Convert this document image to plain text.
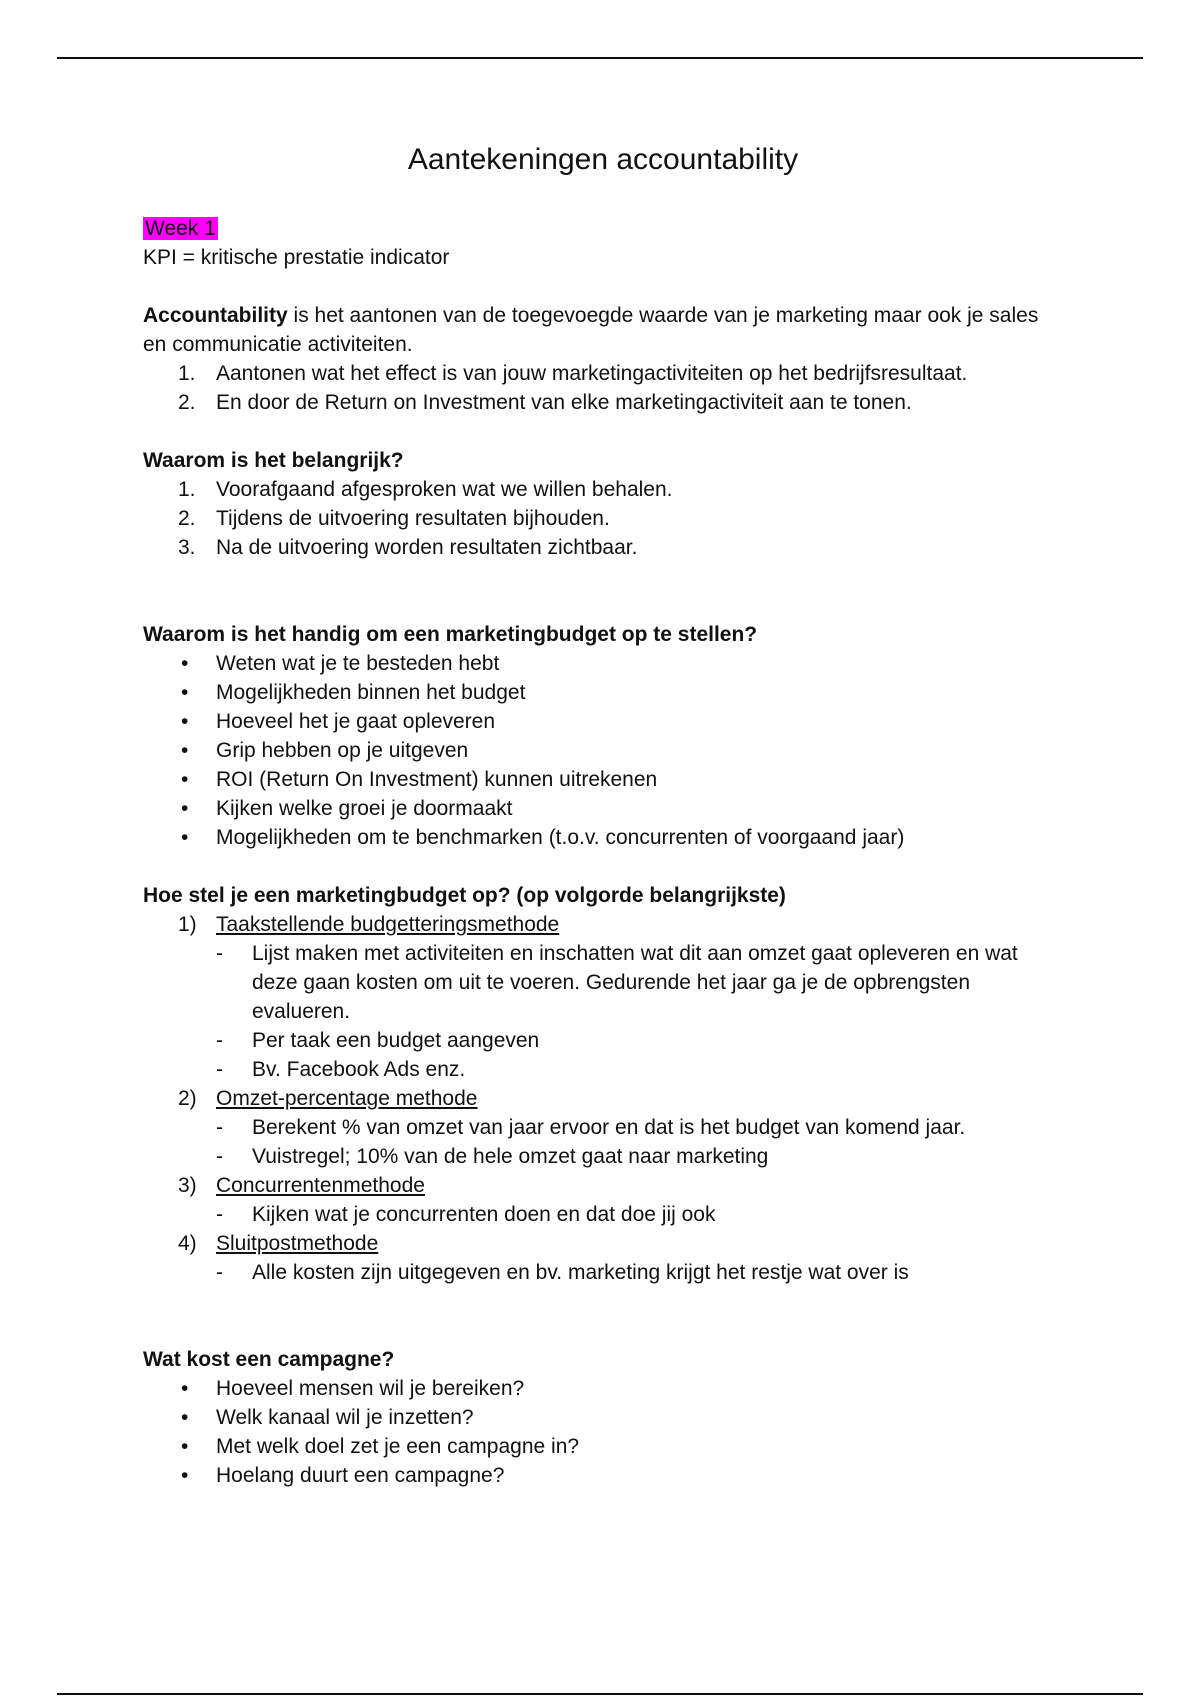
Aantekeningen accountability

Week 1

KPI = kritische prestatie indicator

Accountability is het aantonen van de toegevoegde waarde van je marketing maar ook je sales en communicatie activiteiten.

1. Aantonen wat het effect is van jouw marketingactiviteiten op het bedrijfsresultaat.
2. En door de Return on Investment van elke marketingactiviteit aan te tonen.

Waarom is het belangrijk?

1. Voorafgaand afgesproken wat we willen behalen.
2. Tijdens de uitvoering resultaten bijhouden.
3. Na de uitvoering worden resultaten zichtbaar.

Waarom is het handig om een marketingbudget op te stellen?

• Weten wat je te besteden hebt
• Mogelijkheden binnen het budget
• Hoeveel het je gaat opleveren
• Grip hebben op je uitgeven
• ROI (Return On Investment) kunnen uitrekenen
• Kijken welke groei je doormaakt
• Mogelijkheden om te benchmarken (t.o.v. concurrenten of voorgaand jaar)

Hoe stel je een marketingbudget op? (op volgorde belangrijkste)

1) Taakstellende budgetteringsmethode
- Lijst maken met activiteiten en inschatten wat dit aan omzet gaat opleveren en wat deze gaan kosten om uit te voeren. Gedurende het jaar ga je de opbrengsten evalueren.
- Per taak een budget aangeven
- Bv. Facebook Ads enz.
2) Omzet-percentage methode
- Berekent % van omzet van jaar ervoor en dat is het budget van komend jaar.
- Vuistregel; 10% van de hele omzet gaat naar marketing
3) Concurrentenmethode
- Kijken wat je concurrenten doen en dat doe jij ook
4) Sluitpostmethode
- Alle kosten zijn uitgegeven en bv. marketing krijgt het restje wat over is

Wat kost een campagne?

• Hoeveel mensen wil je bereiken?
• Welk kanaal wil je inzetten?
• Met welk doel zet je een campagne in?
• Hoelang duurt een campagne?
